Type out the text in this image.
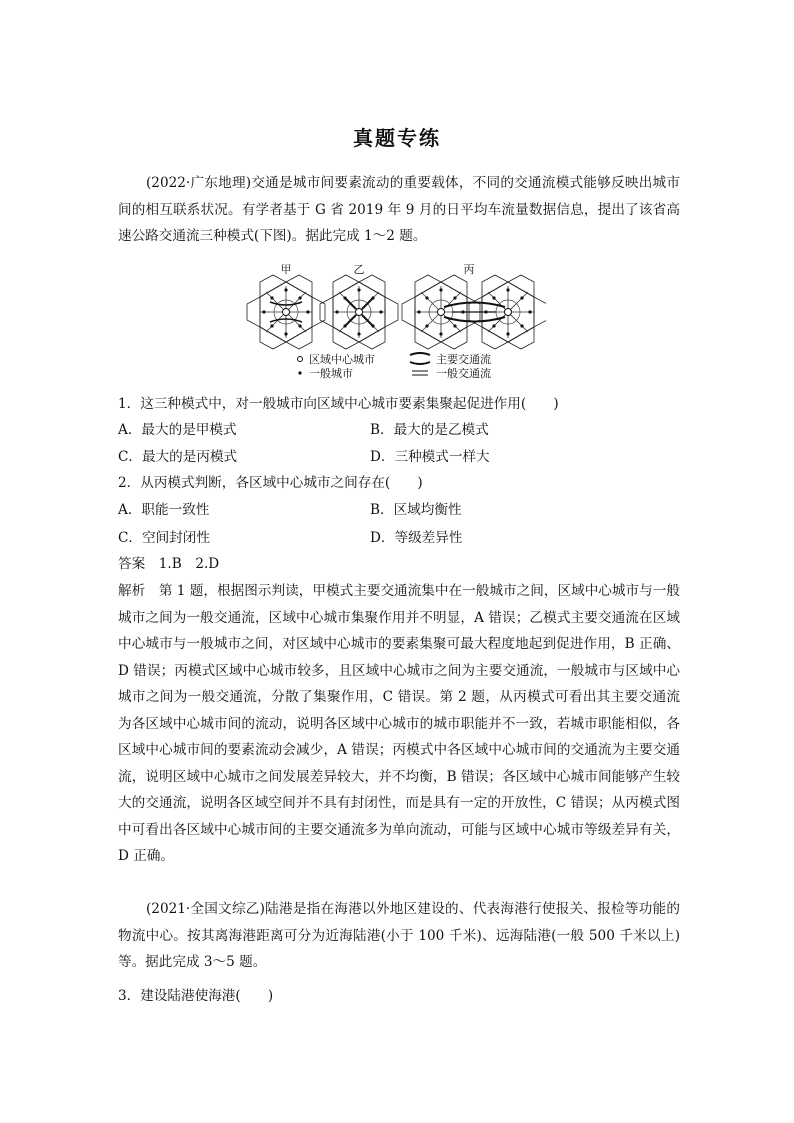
真题专练
(2022·广东地理)交通是城市间要素流动的重要载体，不同的交通流模式能够反映出城市间的相互联系状况。有学者基于 G 省 2019 年 9 月的日平均车流量数据信息，提出了该省高速公路交通流三种模式(下图)。据此完成 1～2 题。
甲	乙	丙
区域中心城市
一般城市
主要交通流
一般交通流
1．这三种模式中，对一般城市向区域中心城市要素集聚起促进作用(　　)
A．最大的是甲模式	B．最大的是乙模式
C．最大的是丙模式	D．三种模式一样大
2．从丙模式判断，各区域中心城市之间存在(　　)
A．职能一致性	B．区域均衡性
C．空间封闭性	D．等级差异性
答案　1.B　2.D
解析　第 1 题，根据图示判读，甲模式主要交通流集中在一般城市之间，区域中心城市与一般城市之间为一般交通流，区域中心城市集聚作用并不明显，A 错误；乙模式主要交通流在区域中心城市与一般城市之间，对区域中心城市的要素集聚可最大程度地起到促进作用，B 正确、D 错误；丙模式区域中心城市较多，且区域中心城市之间为主要交通流，一般城市与区域中心城市之间为一般交通流，分散了集聚作用，C 错误。第 2 题，从丙模式可看出其主要交通流为各区域中心城市间的流动，说明各区域中心城市的城市职能并不一致，若城市职能相似，各区域中心城市间的要素流动会减少，A 错误；丙模式中各区域中心城市间的交通流为主要交通流，说明区域中心城市之间发展差异较大，并不均衡，B 错误；各区域中心城市间能够产生较大的交通流，说明各区域空间并不具有封闭性，而是具有一定的开放性，C 错误；从丙模式图中可看出各区域中心城市间的主要交通流多为单向流动，可能与区域中心城市等级差异有关，D 正确。
(2021·全国文综乙)陆港是指在海港以外地区建设的、代表海港行使报关、报检等功能的物流中心。按其离海港距离可分为近海陆港(小于 100 千米)、远海陆港(一般 500 千米以上)等。据此完成 3～5 题。
3．建设陆港使海港(　　)
